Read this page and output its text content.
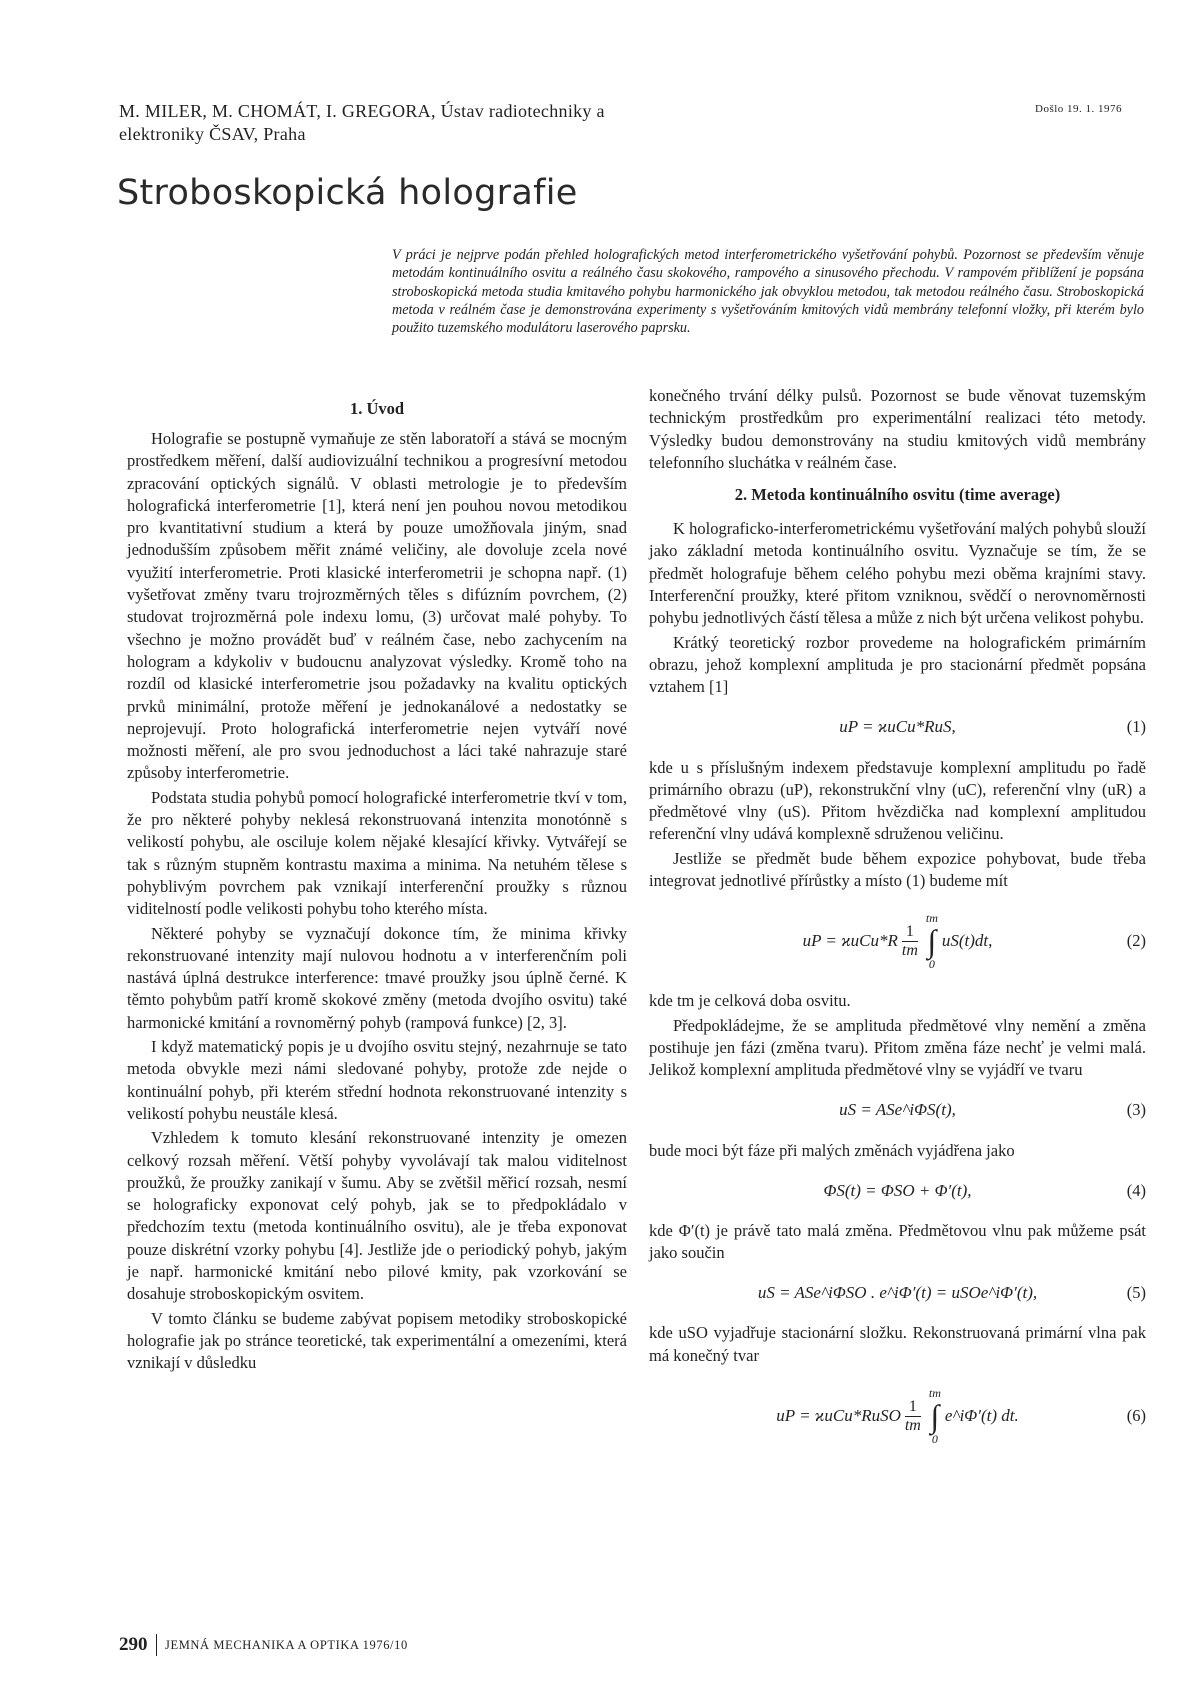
M. MILER, M. CHOMÁT, I. GREGORA, Ústav radiotechniky a elektroniky ČSAV, Praha
Došlo 19. 1. 1976
Stroboskopická holografie
V práci je nejprve podán přehled holografických metod interferometrického vyšetřování pohybů. Pozornost se především věnuje metodám kontinuálního osvitu a reálného času skokového, rampového a sinusového přechodu. V rampovém přiblížení je popsána stroboskopická metoda studia kmitavého pohybu harmonického jak obvyklou metodou, tak metodou reálného času. Stroboskopická metoda v reálném čase je demonstrována experimenty s vyšetřováním kmitových vidů membrány telefonní vložky, při kterém bylo použito tuzemského modulátoru laserového paprsku.
1. Úvod

Holografie se postupně vymaňuje ze stěn laboratoří a stává se mocným prostředkem měření, další audiovizuální technikou a progresívní metodou zpracování optických signálů. V oblasti metrologie je to především holografická interferometrie [1], která není jen pouhou novou metodikou pro kvantitativní studium a která by pouze umožňovala jiným, snad jednodušším způsobem měřit známé veličiny, ale dovoluje zcela nové využití interferometrie. Proti klasické interferometrii je schopna např. (1) vyšetřovat změny tvaru trojrozměrných těles s difúzním povrchem, (2) studovat trojrozměrná pole indexu lomu, (3) určovat malé pohyby. To všechno je možno provádět buď v reálném čase, nebo zachycením na hologram a kdykoliv v budoucnu analyzovat výsledky. Kromě toho na rozdíl od klasické interferometrie jsou požadavky na kvalitu optických prvků minimální, protože měření je jednokanálové a nedostatky se neprojevují. Proto holografická interferometrie nejen vytváří nové možnosti měření, ale pro svou jednoduchost a láci také nahrazuje staré způsoby interferometrie.

Podstata studia pohybů pomocí holografické interferometrie tkví v tom, že pro některé pohyby neklesá rekonstruovaná intenzita monotónně s velikostí pohybu, ale osciluje kolem nějaké klesající křivky. Vytvářejí se tak s různým stupněm kontrastu maxima a minima. Na netuhém tělese s pohyblivým povrchem pak vznikají interferenční proužky s různou viditelností podle velikosti pohybu toho kterého místa.

Některé pohyby se vyznačují dokonce tím, že minima křivky rekonstruované intenzity mají nulovou hodnotu a v interferenčním poli nastává úplná destrukce interference: tmavé proužky jsou úplně černé. K těmto pohybům patří kromě skokové změny (metoda dvojího osvitu) také harmonické kmitání a rovnoměrný pohyb (rampová funkce) [2, 3].

I když matematický popis je u dvojího osvitu stejný, nezahrnuje se tato metoda obvykle mezi námi sledované pohyby, protože zde nejde o kontinuální pohyb, při kterém střední hodnota rekonstruované intenzity s velikostí pohybu neustále klesá.

Vzhledem k tomuto klesání rekonstruované intenzity je omezen celkový rozsah měření. Větší pohyby vyvolávají tak malou viditelnost proužků, že proužky zanikají v šumu. Aby se zvětšil měřicí rozsah, nesmí se holograficky exponovat celý pohyb, jak se to předpokládalo v předchozím textu (metoda kontinuálního osvitu), ale je třeba exponovat pouze diskrétní vzorky pohybu [4]. Jestliže jde o periodický pohyb, jakým je např. harmonické kmitání nebo pilové kmity, pak vzorkování se dosahuje stroboskopickým osvitem.

V tomto článku se budeme zabývat popisem metodiky stroboskopické holografie jak po stránce teoretické, tak experimentální a omezeními, která vznikají v důsledku

konečného trvání délky pulsů. Pozornost se bude věnovat tuzemským technickým prostředkům pro experimentální realizaci této metody. Výsledky budou demonstrovány na studiu kmitových vidů membrány telefonního sluchátka v reálném čase.

2. Metoda kontinuálního osvitu (time average)

K holograficko-interferometrickému vyšetřování malých pohybů slouží jako základní metoda kontinuálního osvitu. Vyznačuje se tím, že se předmět holografuje během celého pohybu mezi oběma krajními stavy. Interferenční proužky, které přitom vzniknou, svědčí o nerovnoměrnosti pohybu jednotlivých částí tělesa a může z nich být určena velikost pohybu.

Krátký teoretický rozbor provedeme na holografickém primárním obrazu, jehož komplexní amplituda je pro stacionární předmět popsána vztahem [1]

uP = ϰuCu*RuS,	(1)

kde u s příslušným indexem představuje komplexní amplitudu po řadě primárního obrazu (uP), rekonstrukční vlny (uC), referenční vlny (uR) a předmětové vlny (uS). Přitom hvězdička nad komplexní amplitudou referenční vlny udává komplexně sdruženou veličinu.

Jestliže se předmět bude během expozice pohybovat, bude třeba integrovat jednotlivé přírůstky a místo (1) budeme mít

uP = $ϰuCu*R \frac{1}{tm}$
tm
∫
0
uS(t)dt,	(2)

kde tm je celková doba osvitu.

Předpokládejme, že se amplituda předmětové vlny nemění a změna postihuje jen fázi (změna tvaru). Přitom změna fáze nechť je velmi malá. Jelikož komplexní amplituda předmětové vlny se vyjádří ve tvaru

uS = ASe^iΦS(t),	(3)

bude moci být fáze při malých změnách vyjádřena jako

ΦS(t) = ΦSO + Φ′(t),	(4)

kde Φ′(t) je právě tato malá změna. Předmětovou vlnu pak můžeme psát jako součin

uS = ASe^iΦSO . e^iΦ′(t) = uSOe^iΦ′(t),	(5)

kde uSO vyjadřuje stacionární složku. Rekonstruovaná primární vlna pak má konečný tvar

uP = ϰuCu*RuSO $\frac{1}{tm}$
tm
∫
0
e^iΦ′(t) dt.	(6)
290 JEMNÁ MECHANIKA A OPTIKA 1976/10
